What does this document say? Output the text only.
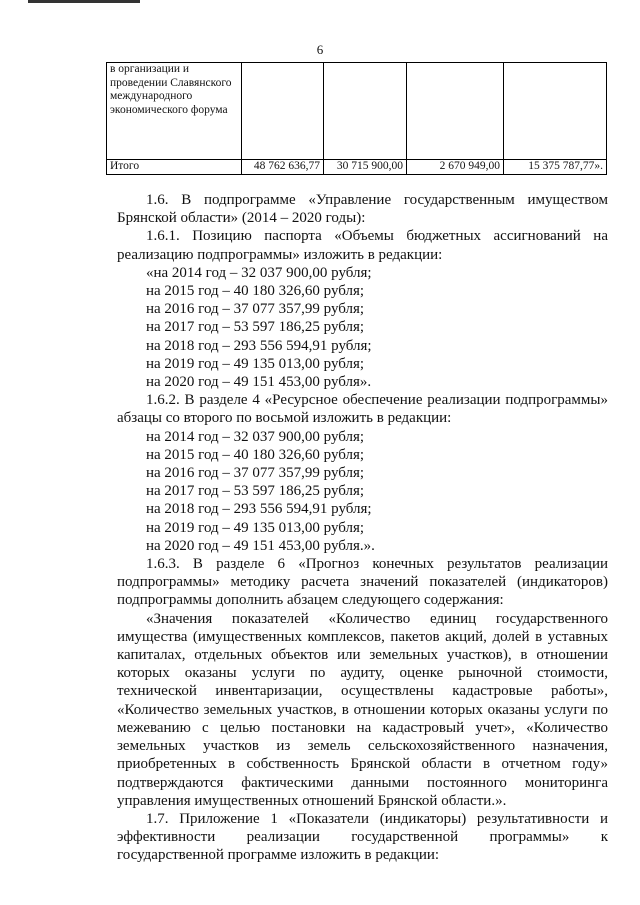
6
в организации и проведении Славянского международного экономического форума				
Итого	48 762 636,77	30 715 900,00	2 670 949,00	15 375 787,77».

1.6. В подпрограмме «Управление государственным имуществом Брянской области» (2014 – 2020 годы):

1.6.1. Позицию паспорта «Объемы бюджетных ассигнований на реализацию подпрограммы» изложить в редакции:

«на 2014 год – 32 037 900,00 рубля;

на 2015 год – 40 180 326,60 рубля;

на 2016 год – 37 077 357,99 рубля;

на 2017 год – 53 597 186,25 рубля;

на 2018 год – 293 556 594,91 рубля;

на 2019 год – 49 135 013,00 рубля;

на 2020 год – 49 151 453,00 рубля».

1.6.2. В разделе 4 «Ресурсное обеспечение реализации подпрограммы» абзацы со второго по восьмой изложить в редакции:

на 2014 год – 32 037 900,00 рубля;

на 2015 год – 40 180 326,60 рубля;

на 2016 год – 37 077 357,99 рубля;

на 2017 год – 53 597 186,25 рубля;

на 2018 год – 293 556 594,91 рубля;

на 2019 год – 49 135 013,00 рубля;

на 2020 год – 49 151 453,00 рубля.».

1.6.3. В разделе 6 «Прогноз конечных результатов реализации подпрограммы» методику расчета значений показателей (индикаторов) подпрограммы дополнить абзацем следующего содержания:

«Значения показателей «Количество единиц государственного имущества (имущественных комплексов, пакетов акций, долей в уставных капиталах, отдельных объектов или земельных участков), в отношении которых оказаны услуги по аудиту, оценке рыночной стоимости, технической инвентаризации, осуществлены кадастровые работы», «Количество земельных участков, в отношении которых оказаны услуги по межеванию с целью постановки на кадастровый учет», «Количество земельных участков из земель сельскохозяйственного назначения, приобретенных в собственность Брянской области в отчетном году» подтверждаются фактическими данными постоянного мониторинга управления имущественных отношений Брянской области.».

1.7. Приложение 1 «Показатели (индикаторы) результативности и эффективности реализации государственной программы» к государственной программе изложить в редакции:
